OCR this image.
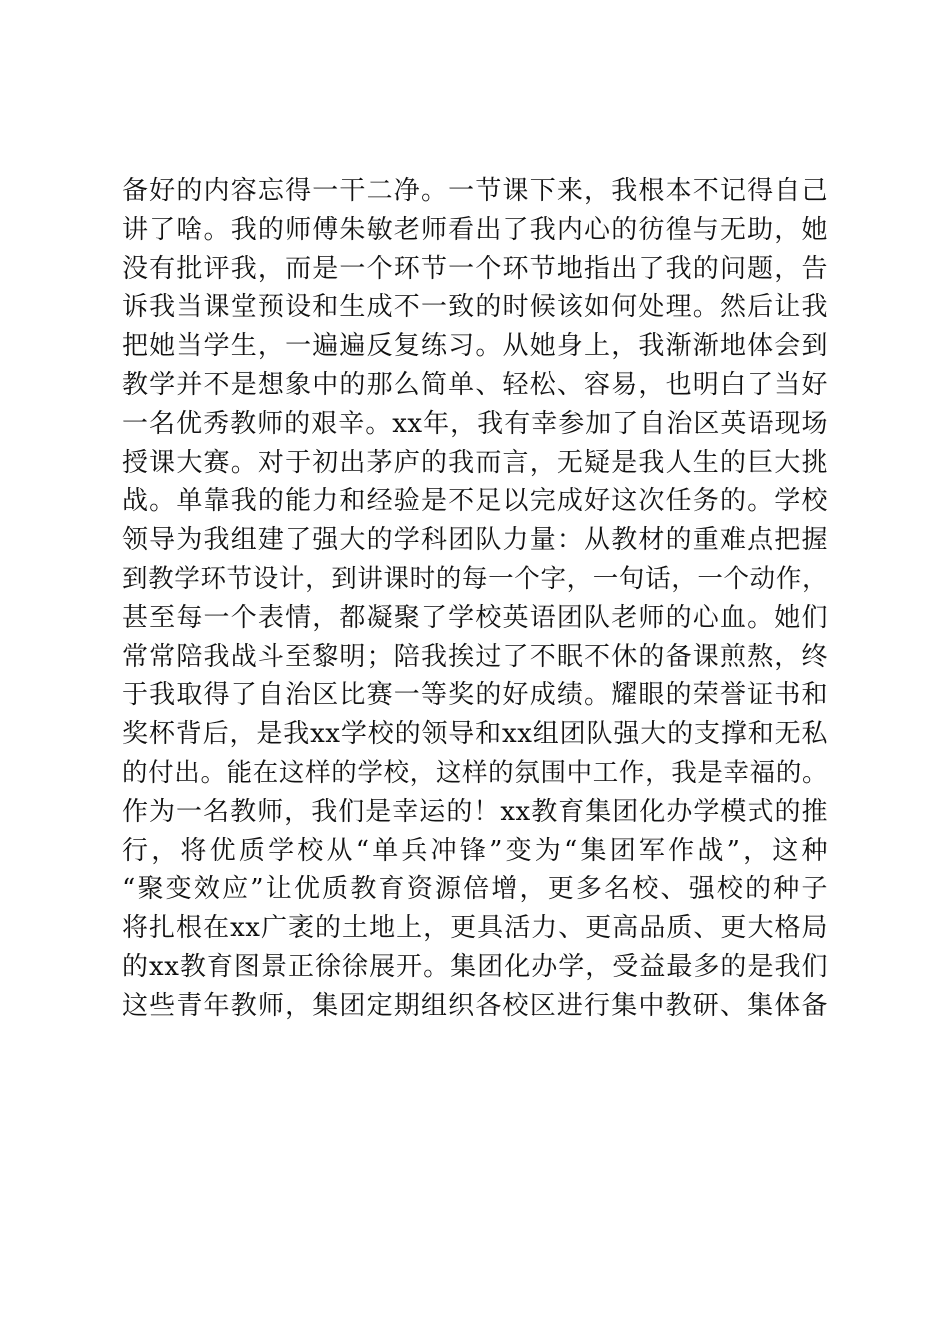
备好的内容忘得一干二净。一节课下来，我根本不记得自己
讲了啥。我的师傅朱敏老师看出了我内心的彷徨与无助，她
没有批评我，而是一个环节一个环节地指出了我的问题，告
诉我当课堂预设和生成不一致的时候该如何处理。然后让我
把她当学生，一遍遍反复练习。从她身上，我渐渐地体会到
教学并不是想象中的那么简单、轻松、容易，也明白了当好
一名优秀教师的艰辛。xx年，我有幸参加了自治区英语现场
授课大赛。对于初出茅庐的我而言，无疑是我人生的巨大挑
战。单靠我的能力和经验是不足以完成好这次任务的。学校
领导为我组建了强大的学科团队力量：从教材的重难点把握
到教学环节设计，到讲课时的每一个字，一句话，一个动作，
甚至每一个表情，都凝聚了学校英语团队老师的心血。她们
常常陪我战斗至黎明；陪我挨过了不眠不休的备课煎熬，终
于我取得了自治区比赛一等奖的好成绩。耀眼的荣誉证书和
奖杯背后，是我xx学校的领导和xx组团队强大的支撑和无私
的付出。能在这样的学校，这样的氛围中工作，我是幸福的。
作为一名教师，我们是幸运的！xx教育集团化办学模式的推
行，将优质学校从“单兵冲锋”变为“集团军作战”，这种
“聚变效应”让优质教育资源倍增，更多名校、强校的种子
将扎根在xx广袤的土地上，更具活力、更高品质、更大格局
的xx教育图景正徐徐展开。集团化办学，受益最多的是我们
这些青年教师，集团定期组织各校区进行集中教研、集体备
